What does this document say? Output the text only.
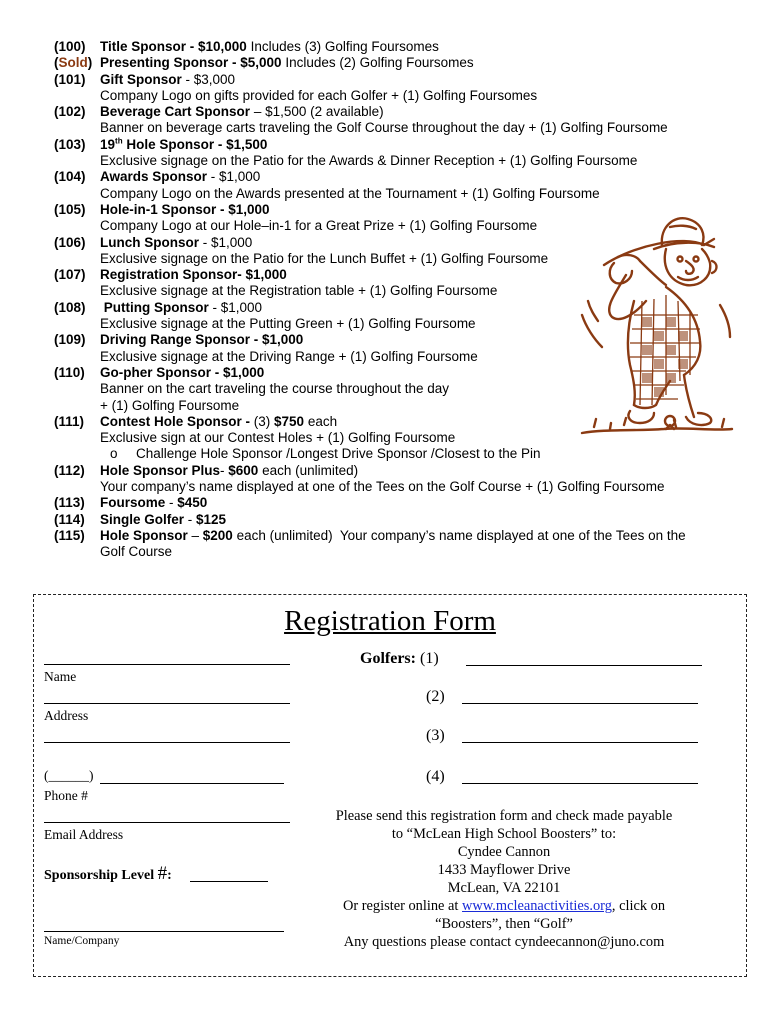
(100) Title Sponsor - $10,000 Includes (3) Golfing Foursomes
(Sold) Presenting Sponsor - $5,000 Includes (2) Golfing Foursomes
(101) Gift Sponsor - $3,000
Company Logo on gifts provided for each Golfer + (1) Golfing Foursomes
(102) Beverage Cart Sponsor – $1,500 (2 available)
Banner on beverage carts traveling the Golf Course throughout the day + (1) Golfing Foursome
(103) 19th Hole Sponsor - $1,500
Exclusive signage on the Patio for the Awards & Dinner Reception + (1) Golfing Foursome
(104) Awards Sponsor - $1,000
Company Logo on the Awards presented at the Tournament + (1) Golfing Foursome
(105) Hole-in-1 Sponsor - $1,000
Company Logo at our Hole–in-1 for a Great Prize + (1) Golfing Foursome
(106) Lunch Sponsor - $1,000
Exclusive signage on the Patio for the Lunch Buffet + (1) Golfing Foursome
(107) Registration Sponsor- $1,000
Exclusive signage at the Registration table + (1) Golfing Foursome
(108) Putting Sponsor - $1,000
Exclusive signage at the Putting Green + (1) Golfing Foursome
(109) Driving Range Sponsor - $1,000
Exclusive signage at the Driving Range + (1) Golfing Foursome
(110) Go-pher Sponsor - $1,000
Banner on the cart traveling the course throughout the day
+ (1) Golfing Foursome
(111) Contest Hole Sponsor - (3) $750 each
Exclusive sign at our Contest Holes + (1) Golfing Foursome
o Challenge Hole Sponsor /Longest Drive Sponsor /Closest to the Pin
(112) Hole Sponsor Plus- $600 each (unlimited)
Your company’s name displayed at one of the Tees on the Golf Course + (1) Golfing Foursome
(113) Foursome - $450
(114) Single Golfer - $125
(115) Hole Sponsor – $200 each (unlimited)  Your company’s name displayed at one of the Tees on the
Golf Course
Registration Form
Name
Address
(______)
Phone #
Email Address
Sponsorship Level #:
Name/Company
Golfers: (1)
(2)
(3)
(4)
Please send this registration form and check made payable
to “McLean High School Boosters” to:
Cyndee Cannon
1433 Mayflower Drive
McLean, VA 22101
Or register online at www.mcleanactivities.org, click on
“Boosters”, then “Golf”
Any questions please contact cyndeecannon@juno.com
